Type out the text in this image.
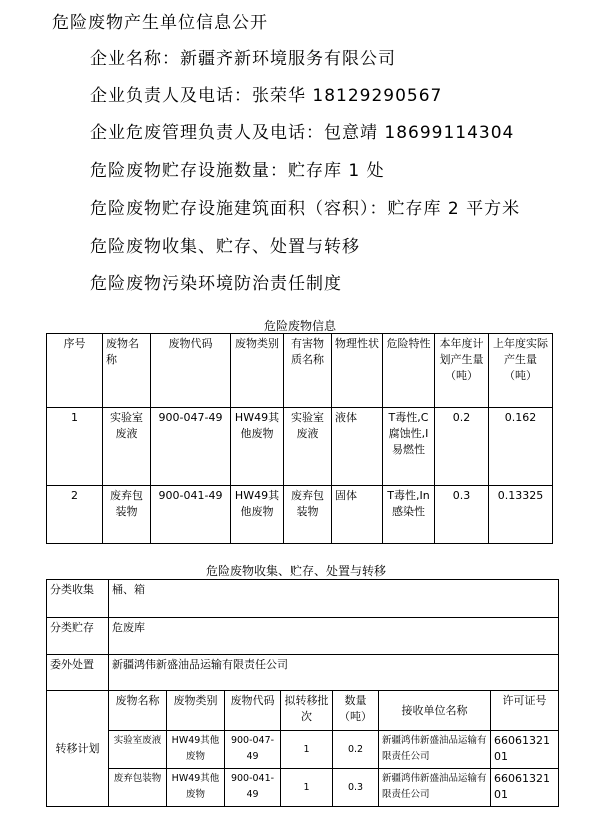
危险废物产生单位信息公开
企业名称：新疆齐新环境服务有限公司
企业负责人及电话：张荣华 18129290567
企业危废管理负责人及电话：包意靖 18699114304
危险废物贮存设施数量：贮存库 1 处
危险废物贮存设施建筑面积（容积）：贮存库 2 平方米
危险废物收集、贮存、处置与转移
危险废物污染环境防治责任制度
危险废物信息
序号	废物名称	废物代码	废物类别	有害物质名称	物理性状	危险特性	本年度计划产生量（吨）	上年度实际产生量（吨）
1	实验室废液	900-047-49	HW49其他废物	实验室废液	液体	T毒性,C腐蚀性,I易燃性	0.2	0.162
2	废弃包装物	900-041-49	HW49其他废物	废弃包装物	固体	T毒性,In感染性	0.3	0.13325
危险废物收集、贮存、处置与转移
分类收集	桶、箱						
分类贮存	危废库						
委外处置	新疆鸿伟新盛油品运输有限责任公司						
转移计划	废物名称	废物类别	废物代码	拟转移批次	数量（吨）	接收单位名称	许可证号
	实验室废液	HW49其他废物	900-047-49	1	0.2	新疆鸿伟新盛油品运输有限责任公司	6606132101
	废弃包装物	HW49其他废物	900-041-49	1	0.3	新疆鸿伟新盛油品运输有限责任公司	6606132101
